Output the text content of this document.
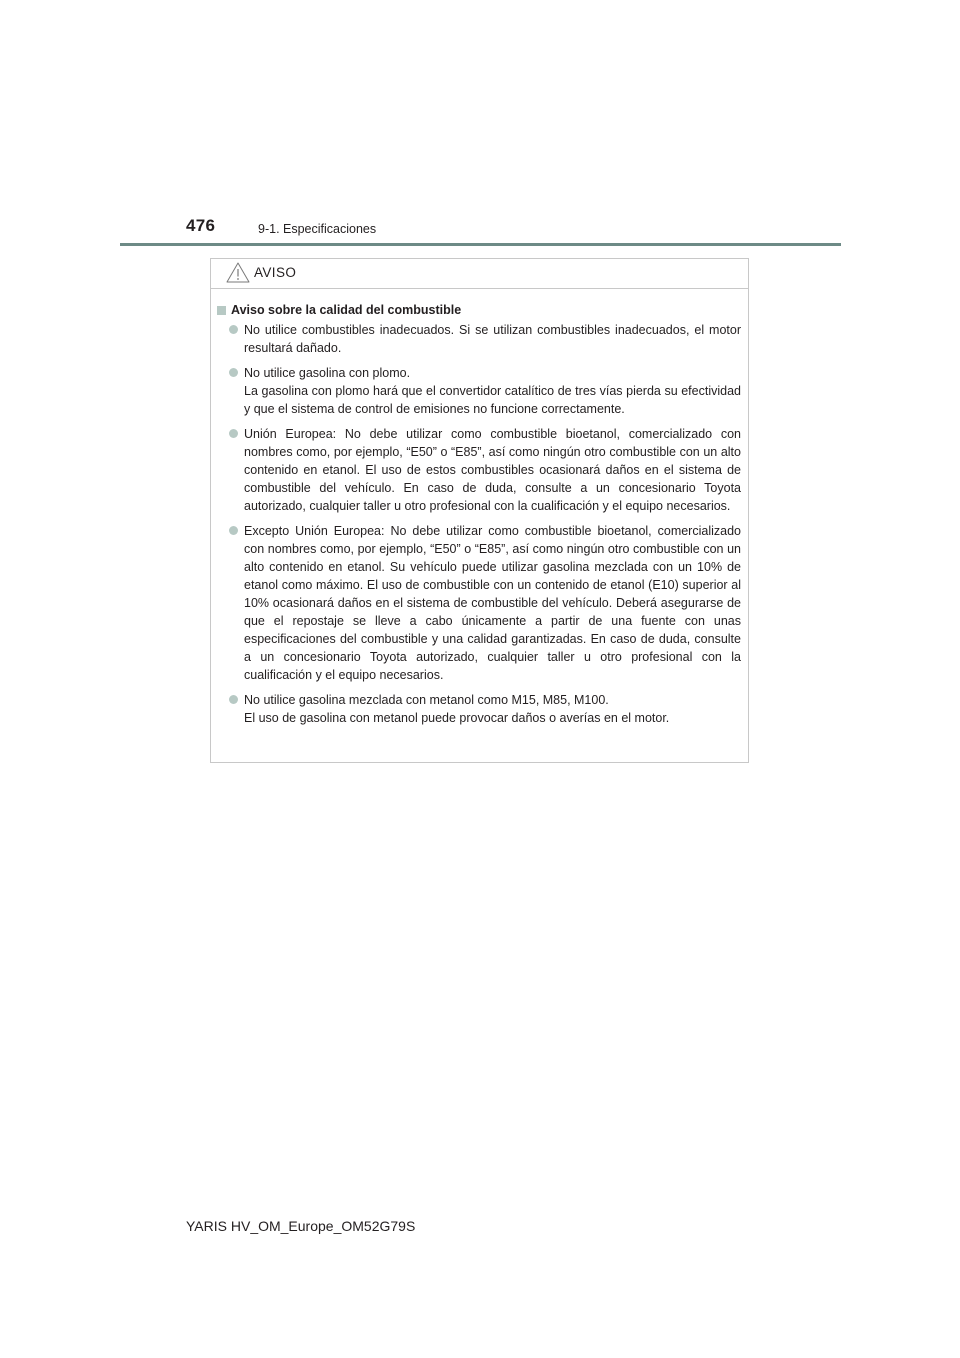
476	9-1. Especificaciones
AVISO
Aviso sobre la calidad del combustible

No utilice combustibles inadecuados. Si se utilizan combustibles inadecuados, el motor resultará dañado.

No utilice gasolina con plomo.

La gasolina con plomo hará que el convertidor catalítico de tres vías pierda su efectividad y que el sistema de control de emisiones no funcione correctamente.

Unión Europea: No debe utilizar como combustible bioetanol, comercializado con nombres como, por ejemplo, “E50” o “E85”, así como ningún otro combustible con un alto contenido en etanol. El uso de estos combustibles ocasionará daños en el sistema de combustible del vehículo. En caso de duda, consulte a un concesionario Toyota autorizado, cualquier taller u otro profesional con la cualificación y el equipo necesarios.

Excepto Unión Europea: No debe utilizar como combustible bioetanol, comercializado con nombres como, por ejemplo, “E50” o “E85”, así como ningún otro combustible con un alto contenido en etanol. Su vehículo puede utilizar gasolina mezclada con un 10% de etanol como máximo. El uso de combustible con un contenido de etanol (E10) superior al 10% ocasionará daños en el sistema de combustible del vehículo. Deberá asegurarse de que el repostaje se lleve a cabo únicamente a partir de una fuente con unas especificaciones del combustible y una calidad garantizadas. En caso de duda, consulte a un concesionario Toyota autorizado, cualquier taller u otro profesional con la cualificación y el equipo necesarios.

No utilice gasolina mezclada con metanol como M15, M85, M100.

El uso de gasolina con metanol puede provocar daños o averías en el motor.

YARIS HV_OM_Europe_OM52G79S
